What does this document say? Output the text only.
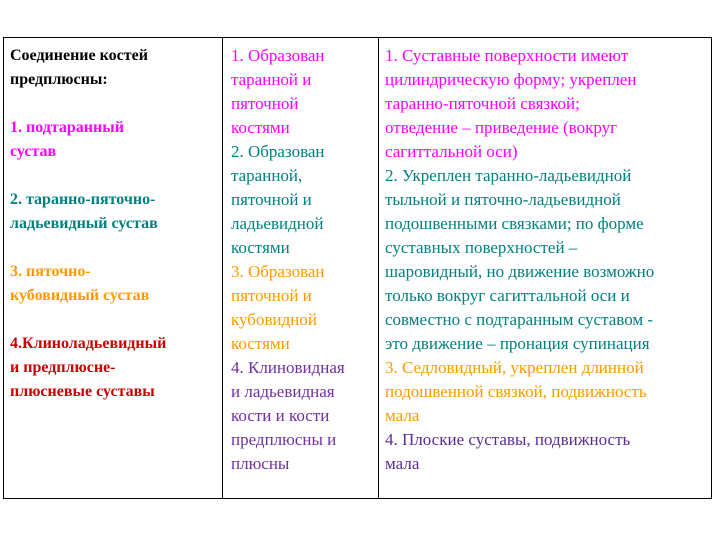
Соединение костей
предплюсны:
1. подтаранный
сустав
2. таранно-пяточно-
ладьевидный сустав
3. пяточно-
кубовидный сустав
4.Клиноладьевидный
и предплюсне-
плюсневые суставы
1. Образован
таранной и
пяточной
костями
2. Образован
таранной,
пяточной и
ладьевидной
костями
3. Образован
пяточной и
кубовидной
костями
4. Клиновидная
и ладьевидная
кости и кости
предплюсны и
плюсны
1. Суставные поверхности имеют
цилиндрическую форму; укреплен
таранно-пяточной связкой;
отведение – приведение (вокруг
сагиттальной оси)
2. Укреплен таранно-ладьевидной
тыльной и пяточно-ладьевидной
подошвенными связками; по форме
суставных поверхностей –
шаровидный, но движение возможно
только вокруг сагиттальной оси и
совместно с подтаранным суставом -
это движение – пронация супинация
3. Седловидный, укреплен длинной
подошвенной связкой, подвижность
мала
4. Плоские суставы, подвижность
мала
